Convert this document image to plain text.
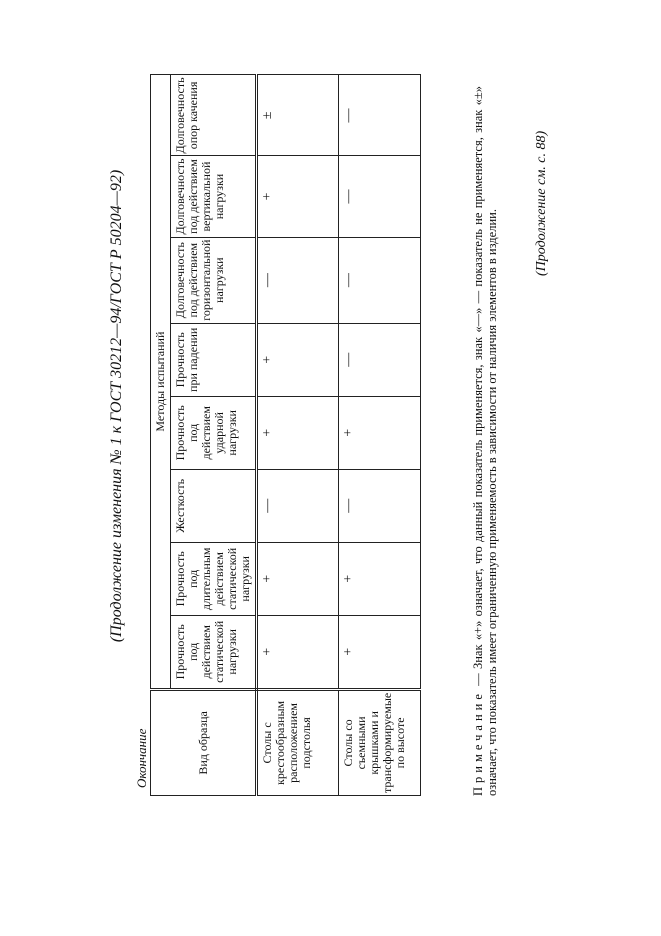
(Продолжение изменения № 1 к ГОСТ 30212—94/ГОСТ Р 50204—92)
Окончание	Вид образца	Методы испытаний							
	Прочность под действием статической нагрузки	Прочность под длительным действием статической нагрузки	Жесткость	Прочность под действием ударной нагрузки	Прочность при падении	Долговечность под действием горизонтальной нагрузки	Долговечность под действием вертикальной нагрузки	Долговечность опор качения
Столы с крестообразным расположением подстолья	+	+	—	+	+	—	+	±
Столы со съемными крышками и трансформируемые по высоте	+	+	—	+	—	—	—	—
Примечание — Знак «+» означает, что данный показатель применяется, знак «—» — показатель не применяется, знак «±» означает, что показатель имеет ограниченную применяемость в зависимости от наличия элементов в изделии.
(Продолжение см. с. 88)
